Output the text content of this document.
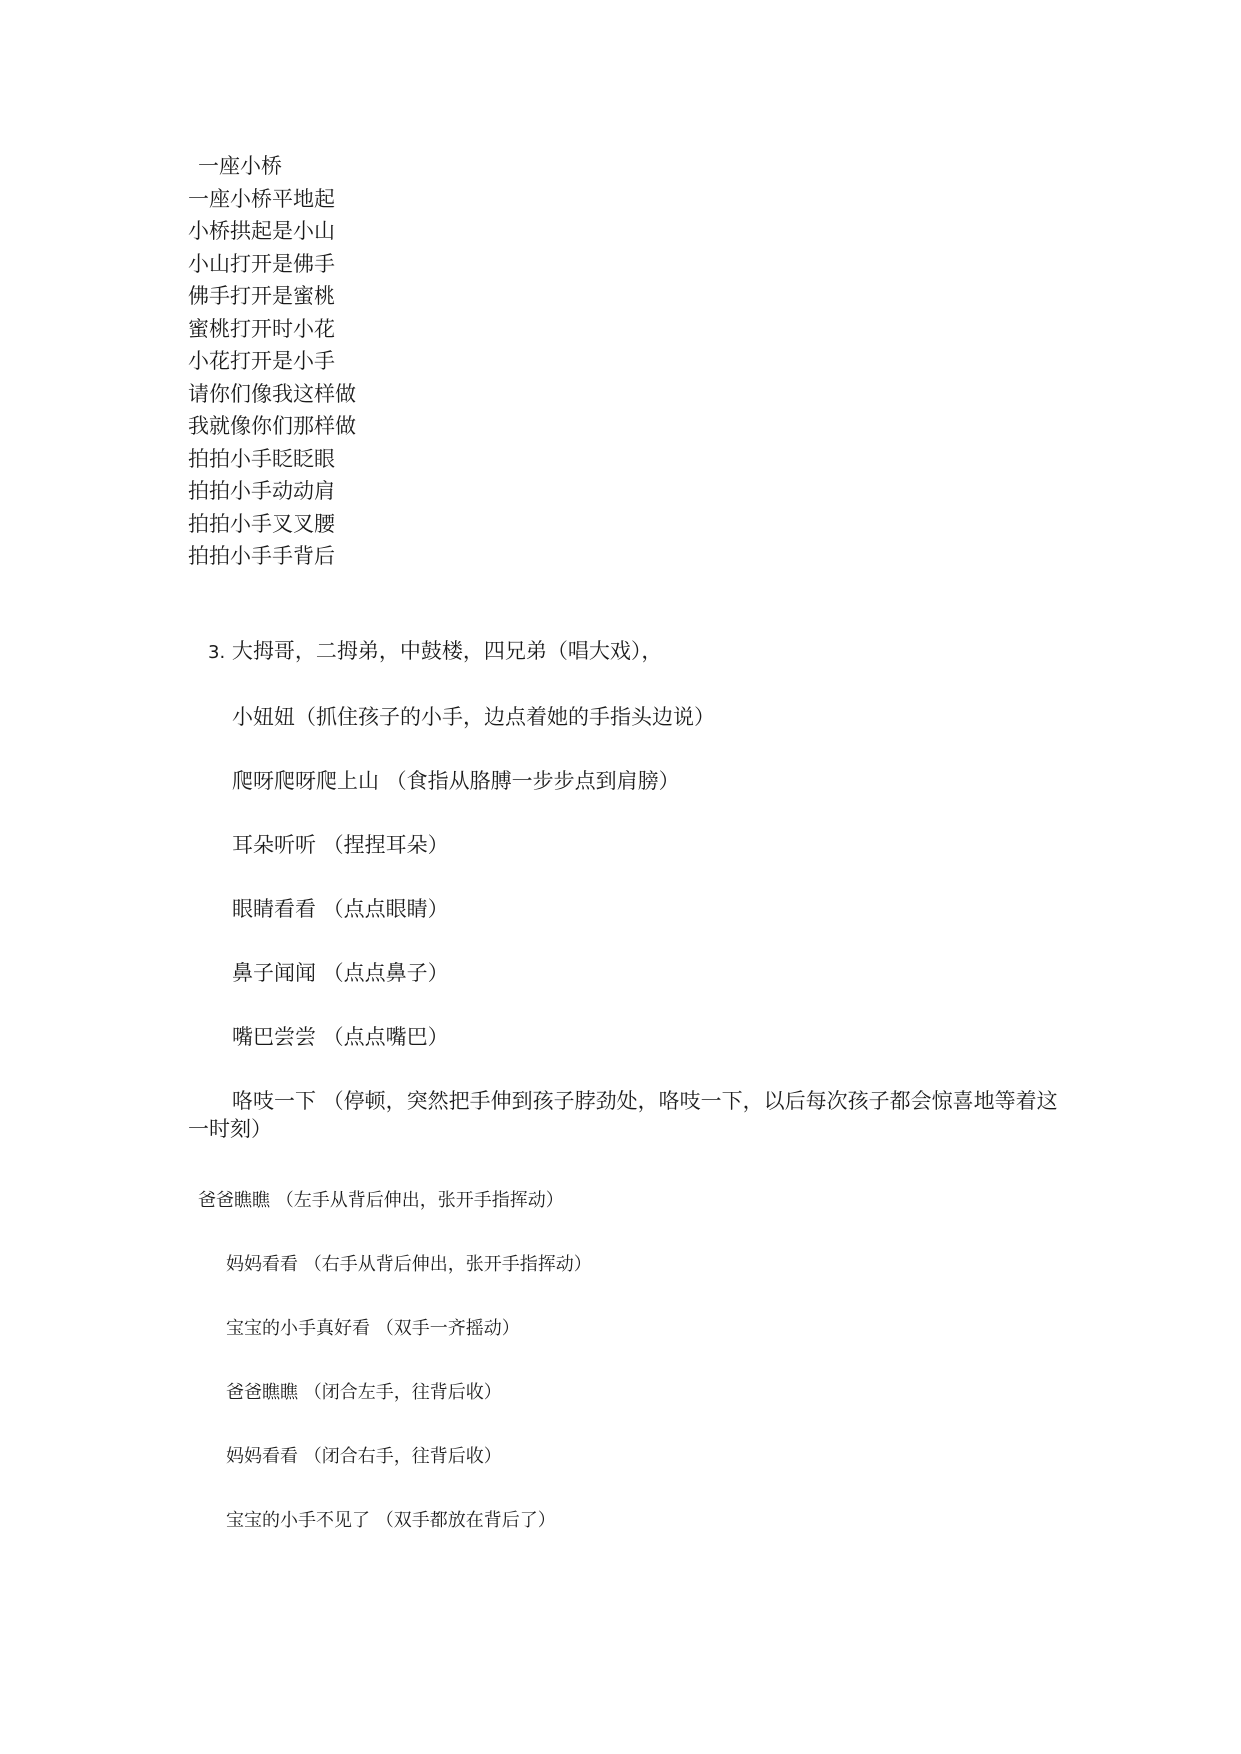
一座小桥
一座小桥平地起
小桥拱起是小山
小山打开是佛手
佛手打开是蜜桃
蜜桃打开时小花
小花打开是小手
请你们像我这样做
我就像你们那样做
拍拍小手眨眨眼
拍拍小手动动肩
拍拍小手叉叉腰
拍拍小手手背后
3. 大拇哥，二拇弟，中鼓楼，四兄弟（唱大戏），
小妞妞（抓住孩子的小手，边点着她的手指头边说）
爬呀爬呀爬上山 （食指从胳膊一步步点到肩膀）
耳朵听听 （捏捏耳朵）
眼睛看看 （点点眼睛）
鼻子闻闻 （点点鼻子）
嘴巴尝尝 （点点嘴巴）
咯吱一下 （停顿，突然把手伸到孩子脖劲处，咯吱一下，以后每次孩子都会惊喜地等着这一时刻）
爸爸瞧瞧 （左手从背后伸出，张开手指挥动）
妈妈看看 （右手从背后伸出，张开手指挥动）
宝宝的小手真好看 （双手一齐摇动）
爸爸瞧瞧 （闭合左手，往背后收）
妈妈看看 （闭合右手，往背后收）
宝宝的小手不见了 （双手都放在背后了）
